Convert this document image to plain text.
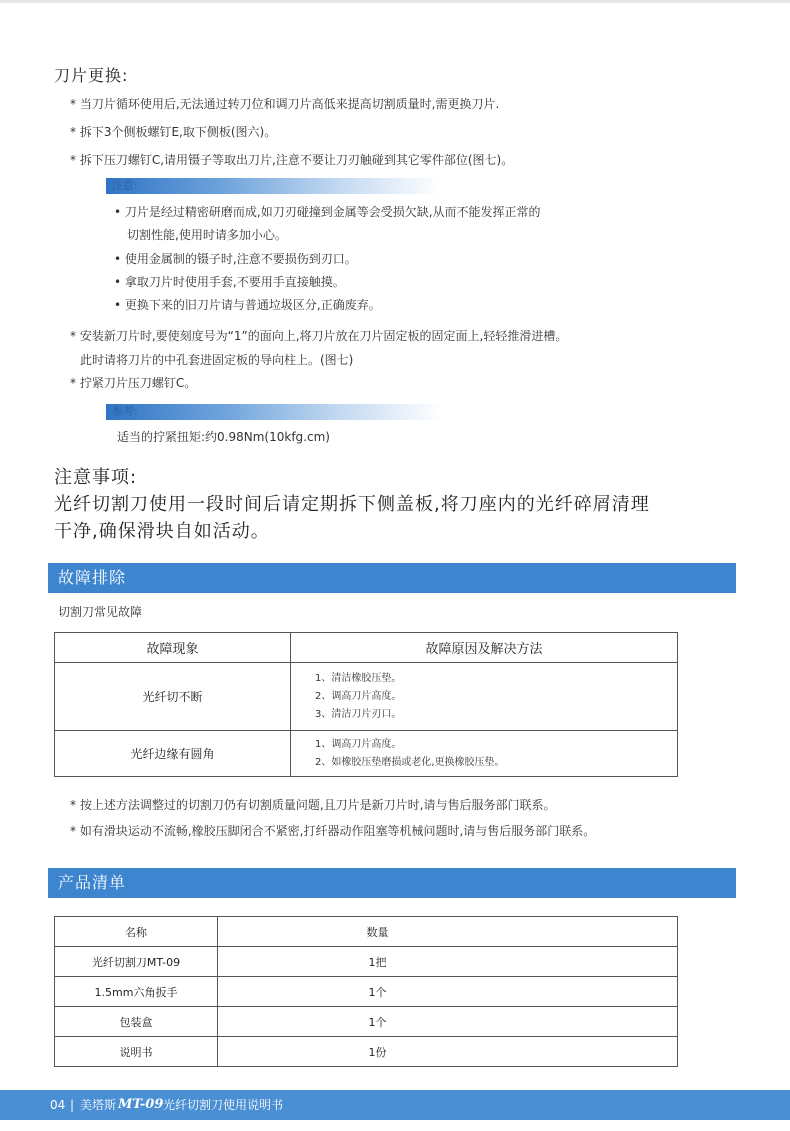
刀片更换:
* 当刀片循环使用后,无法通过转刀位和调刀片高低来提高切割质量时,需更换刀片.
* 拆下3个侧板螺钉E,取下侧板(图六)。
* 拆下压刀螺钉C,请用镊子等取出刀片,注意不要让刀刃触碰到其它零件部位(图七)。
注意:
• 刀片是经过精密研磨而成,如刀刃碰撞到金属等会受损欠缺,从而不能发挥正常的
切割性能,使用时请多加小心。
• 使用金属制的镊子时,注意不要损伤到刃口。
• 拿取刀片时使用手套,不要用手直接触摸。
• 更换下来的旧刀片请与普通垃圾区分,正确废弃。
* 安装新刀片时,要使刻度号为“1”的面向上,将刀片放在刀片固定板的固定面上,轻轻推滑进槽。
此时请将刀片的中孔套进固定板的导向柱上。(图七)
* 拧紧刀片压刀螺钉C。
参考:
适当的拧紧扭矩:约0.98Nm(10kfg.cm)
注意事项:
光纤切割刀使用一段时间后请定期拆下侧盖板,将刀座内的光纤碎屑清理
干净,确保滑块自如活动。
故障排除
切割刀常见故障
故障现象	故障原因及解决方法
光纤切不断	1、清洁橡胶压垫。
2、调高刀片高度。
3、清洁刀片刃口。

光纤边缘有圆角	1、调高刀片高度。
2、如橡胶压垫磨损或老化,更换橡胶压垫。
* 按上述方法调整过的切割刀仍有切割质量问题,且刀片是新刀片时,请与售后服务部门联系。
* 如有滑块运动不流畅,橡胶压脚闭合不紧密,打纤器动作阻塞等机械问题时,请与售后服务部门联系。
产品清单
名称	数量
光纤切割刀MT-09	1把
1.5mm六角扳手	1个
包装盒	1个
说明书	1份
04 | 美塔斯 MT-09 光纤切割刀使用说明书
